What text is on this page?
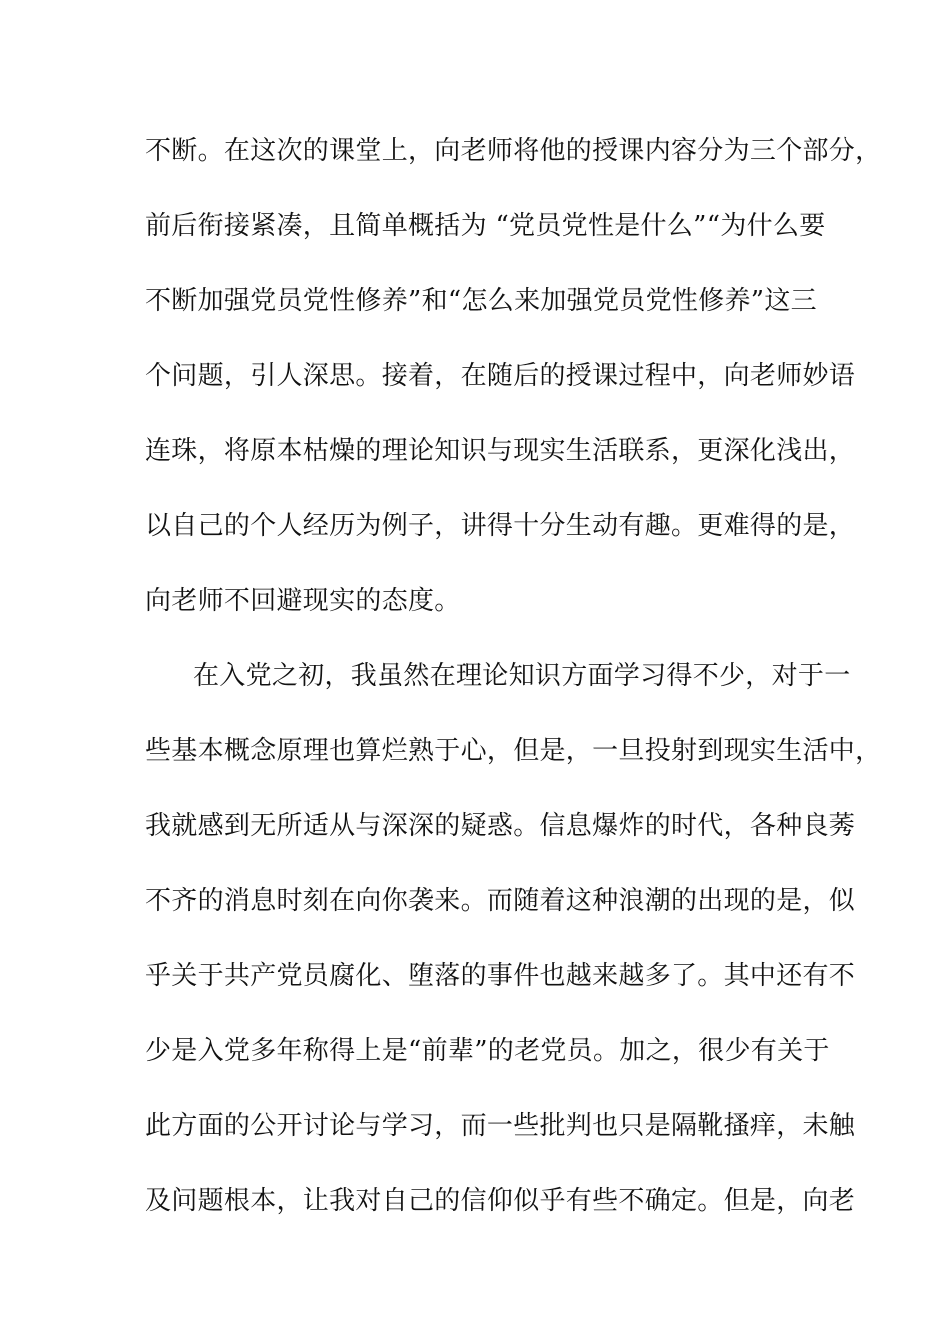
不断。在这次的课堂上，向老师将他的授课内容分为三个部分，
前后衔接紧凑，且简单概括为 “党员党性是什么”“为什么要
不断加强党员党性修养”和“怎么来加强党员党性修养”这三
个问题，引人深思。接着，在随后的授课过程中，向老师妙语
连珠，将原本枯燥的理论知识与现实生活联系，更深化浅出，
以自己的个人经历为例子，讲得十分生动有趣。更难得的是，
向老师不回避现实的态度。
在入党之初，我虽然在理论知识方面学习得不少，对于一
些基本概念原理也算烂熟于心，但是，一旦投射到现实生活中，
我就感到无所适从与深深的疑惑。信息爆炸的时代，各种良莠
不齐的消息时刻在向你袭来。而随着这种浪潮的出现的是，似
乎关于共产党员腐化、堕落的事件也越来越多了。其中还有不
少是入党多年称得上是“前辈”的老党员。加之，很少有关于
此方面的公开讨论与学习，而一些批判也只是隔靴搔痒，未触
及问题根本，让我对自己的信仰似乎有些不确定。但是，向老
